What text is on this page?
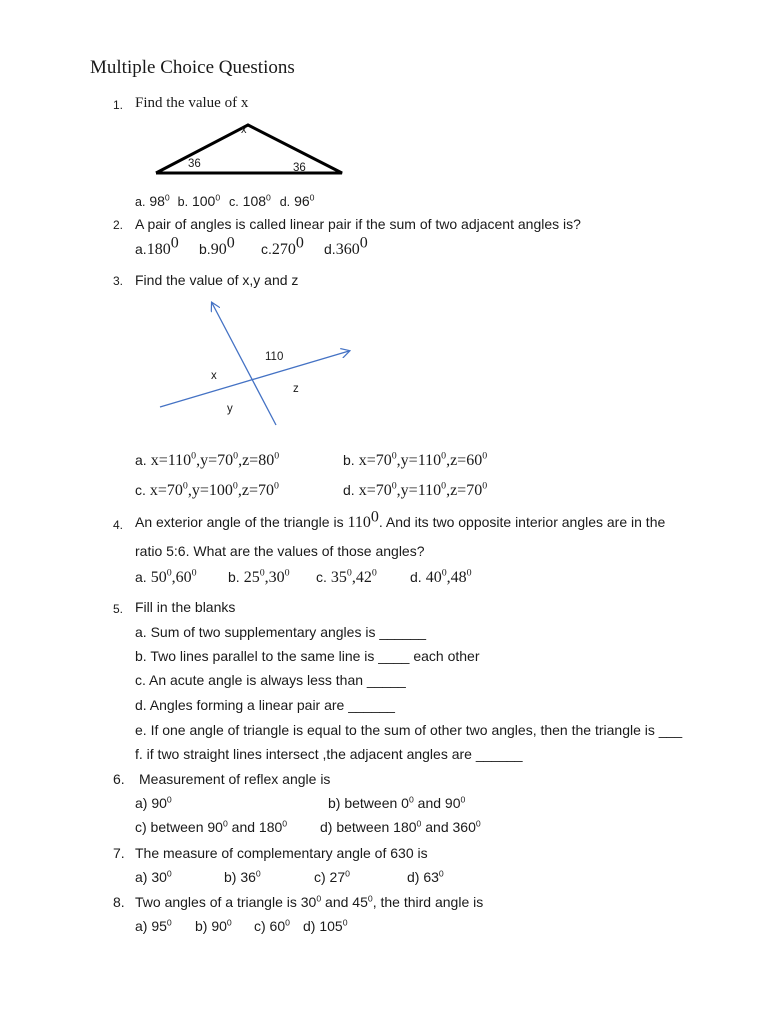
Multiple Choice Questions
1. Find the value of x
x
36	36
a. $98^0$ b. $100^0$ c. $108^0$ d. $96^0$
2. A pair of angles is called linear pair if the sum of two adjacent angles is?
a.180$^0$ $b.90^0$ c.270$^0$ d.360$^0$
3. Find the value of x,y and z
110
x
z
y
a. $x=110^0,y=70^0,z=80^0$	b. $x=70^0,y=110^0,z=60^0$
c. $x=70^0,y=100^0,z=70^0$	d. $x=70^0,y=110^0,z=70^0$
4. An exterior angle of the triangle is $110^0$. And its two opposite interior angles are in the
ratio 5:6. What are the values of those angles?
a. $50^0,60^0$ b. $25^0,30^0$ c. $35^0,42^0$ d. $40^0,48^0$
5. Fill in the blanks
a. Sum of two supplementary angles is ______
b. Two lines parallel to the same line is ____ each other
c. An acute angle is always less than _____
d. Angles forming a linear pair are ______
e. If one angle of triangle is equal to the sum of other two angles, then the triangle is ___
f. if two straight lines intersect ,the adjacent angles are ______
6. Measurement of reflex angle is
a) $90^0$	b) between $0^0$ and $90^0$
c) between $90^0$ and $180^0$ d) between $180^0$ and $360^0$
7. The measure of complementary angle of 630 is
a) $30^0$	b) $36^0$	c) $27^0$	d) $63^0$
8. Two angles of a triangle is $30^0$ and $45^0$, the third angle is
a) $95^0$ b) $90^0$ c) $60^0$ d) $105^0$
